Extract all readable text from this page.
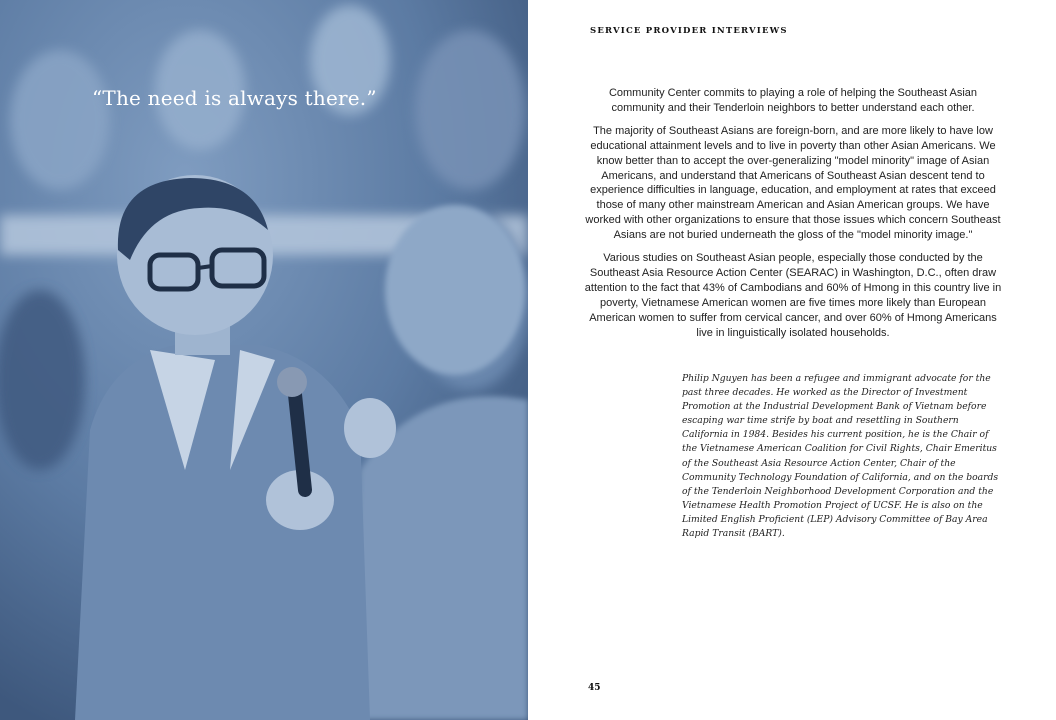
“The need is always there.”
SERVICE PROVIDER INTERVIEWS

Community Center commits to playing a role of helping the Southeast Asian community and their Tenderloin neighbors to better understand each other.

The majority of Southeast Asians are foreign-born, and are more likely to have low educational attainment levels and to live in poverty than other Asian Americans. We know better than to accept the over-generalizing "model minority" image of Asian Americans, and understand that Americans of Southeast Asian descent tend to experience difficulties in language, education, and employment at rates that exceed those of many other mainstream American and Asian American groups. We have worked with other organizations to ensure that those issues which concern Southeast Asians are not buried underneath the gloss of the "model minority image."

Various studies on Southeast Asian people, especially those conducted by the Southeast Asia Resource Action Center (SEARAC) in Washington, D.C., often draw attention to the fact that 43% of Cambodians and 60% of Hmong in this country live in poverty, Vietnamese American women are five times more likely than European American women to suffer from cervical cancer, and over 60% of Hmong Americans live in linguistically isolated households.

Philip Nguyen has been a refugee and immigrant advocate for the past three decades. He worked as the Director of Investment Promotion at the Industrial Development Bank of Vietnam before escaping war time strife by boat and resettling in Southern California in 1984. Besides his current position, he is the Chair of the Vietnamese American Coalition for Civil Rights, Chair Emeritus of the Southeast Asia Resource Action Center, Chair of the Community Technology Foundation of California, and on the boards of the Tenderloin Neighborhood Development Corporation and the Vietnamese Health Promotion Project of UCSF. He is also on the Limited English Proficient (LEP) Advisory Committee of Bay Area Rapid Transit (BART).
45
